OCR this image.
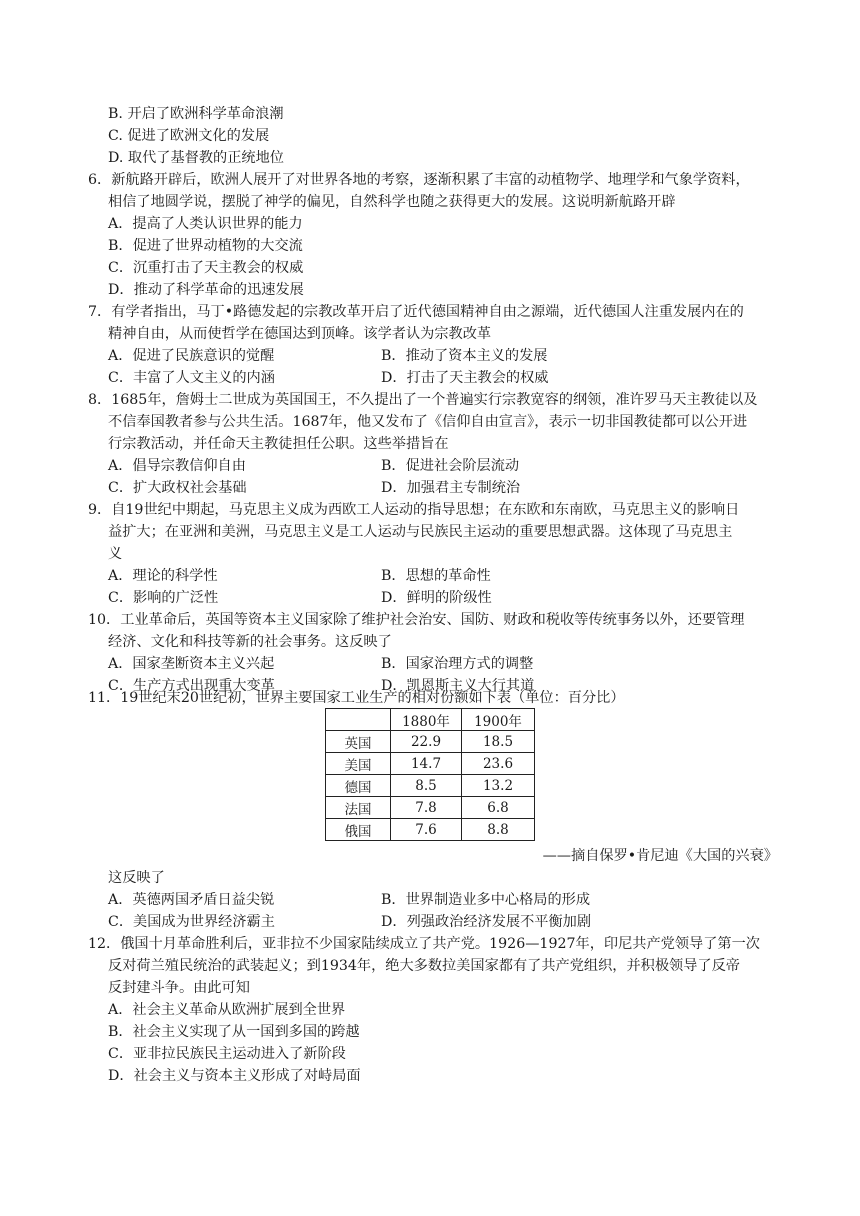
B. 开启了欧洲科学革命浪潮
C. 促进了欧洲文化的发展
D. 取代了基督教的正统地位
6．新航路开辟后，欧洲人展开了对世界各地的考察，逐渐积累了丰富的动植物学、地理学和气象学资料，
相信了地圆学说，摆脱了神学的偏见，自然科学也随之获得更大的发展。这说明新航路开辟
A．提高了人类认识世界的能力
B．促进了世界动植物的大交流
C．沉重打击了天主教会的权威
D．推动了科学革命的迅速发展
7．有学者指出，马丁•路德发起的宗教改革开启了近代德国精神自由之源端，近代德国人注重发展内在的
精神自由，从而使哲学在德国达到顶峰。该学者认为宗教改革
A．促进了民族意识的觉醒	B．推动了资本主义的发展
C．丰富了人文主义的内涵	D．打击了天主教会的权威
8．1685年，詹姆士二世成为英国国王，不久提出了一个普遍实行宗教宽容的纲领，准许罗马天主教徒以及
不信奉国教者参与公共生活。1687年，他又发布了《信仰自由宣言》，表示一切非国教徒都可以公开进
行宗教活动，并任命天主教徒担任公职。这些举措旨在
A．倡导宗教信仰自由	B．促进社会阶层流动
C．扩大政权社会基础	D．加强君主专制统治
9．自19世纪中期起，马克思主义成为西欧工人运动的指导思想；在东欧和东南欧，马克思主义的影响日
益扩大；在亚洲和美洲，马克思主义是工人运动与民族民主运动的重要思想武器。这体现了马克思主
义
A．理论的科学性	B．思想的革命性
C．影响的广泛性	D．鲜明的阶级性
10．工业革命后，英国等资本主义国家除了维护社会治安、国防、财政和税收等传统事务以外，还要管理
经济、文化和科技等新的社会事务。这反映了
A．国家垄断资本主义兴起	B．国家治理方式的调整
C．生产方式出现重大变革	D．凯恩斯主义大行其道
11．19世纪末20世纪初，世界主要国家工业生产的相对份额如下表（单位：百分比）
	1880年	1900年
英国	22.9	18.5
美国	14.7	23.6
德国	8.5	13.2
法国	7.8	6.8
俄国	7.6	8.8
——摘自保罗•肯尼迪《大国的兴衰》
这反映了
A．英德两国矛盾日益尖锐	B．世界制造业多中心格局的形成
C．美国成为世界经济霸主	D．列强政治经济发展不平衡加剧
12．俄国十月革命胜利后，亚非拉不少国家陆续成立了共产党。1926—1927年，印尼共产党领导了第一次
反对荷兰殖民统治的武装起义；到1934年，绝大多数拉美国家都有了共产党组织，并积极领导了反帝
反封建斗争。由此可知
A．社会主义革命从欧洲扩展到全世界
B．社会主义实现了从一国到多国的跨越
C．亚非拉民族民主运动进入了新阶段
D．社会主义与资本主义形成了对峙局面
